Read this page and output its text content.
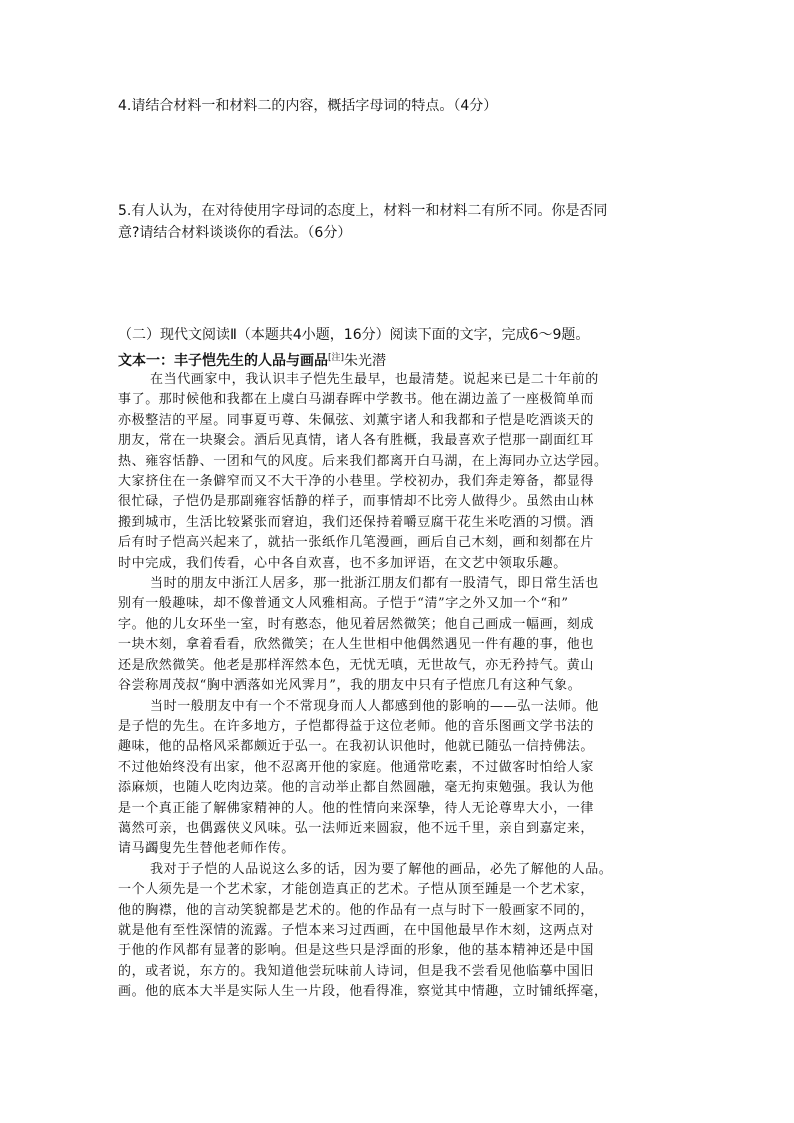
4.请结合材料一和材料二的内容，概括字母词的特点。（4分）
5.有人认为，在对待使用字母词的态度上，材料一和材料二有所不同。你是否同
意?请结合材料谈谈你的看法。（6分）
（二）现代文阅读Ⅱ（本题共4小题，16分）阅读下面的文字，完成6～9题。
文本一：丰子恺先生的人品与画品[注]朱光潜
在当代画家中，我认识丰子恺先生最早，也最清楚。说起来已是二十年前的
事了。那时候他和我都在上虞白马湖春晖中学教书。他在湖边盖了一座极简单而
亦极整洁的平屋。同事夏丏尊、朱佩弦、刘薰宇诸人和我都和子恺是吃酒谈天的
朋友，常在一块聚会。酒后见真情，诸人各有胜概，我最喜欢子恺那一副面红耳
热、雍容恬静、一团和气的风度。后来我们都离开白马湖，在上海同办立达学园。
大家挤住在一条僻窄而又不大干净的小巷里。学校初办，我们奔走筹备，都显得
很忙碌，子恺仍是那副雍容恬静的样子，而事情却不比旁人做得少。虽然由山林
搬到城市，生活比较紧张而窘迫，我们还保持着嚼豆腐干花生米吃酒的习惯。酒
后有时子恺高兴起来了，就拈一张纸作几笔漫画，画后自己木刻，画和刻都在片
时中完成，我们传看，心中各自欢喜，也不多加评语，在文艺中领取乐趣。
当时的朋友中浙江人居多，那一批浙江朋友们都有一股清气，即日常生活也
别有一般趣味，却不像普通文人风雅相高。子恺于“清”字之外又加一个“和”
字。他的儿女环坐一室，时有憨态，他见着居然微笑；他自己画成一幅画，刻成
一块木刻，拿着看看，欣然微笑；在人生世相中他偶然遇见一件有趣的事，他也
还是欣然微笑。他老是那样浑然本色，无忧无嗔，无世故气，亦无矜持气。黄山
谷尝称周茂叔“胸中洒落如光风霁月”，我的朋友中只有子恺庶几有这种气象。
当时一般朋友中有一个不常现身而人人都感到他的影响的——弘一法师。他
是子恺的先生。在许多地方，子恺都得益于这位老师。他的音乐图画文学书法的
趣味，他的品格风采都颇近于弘一。在我初认识他时，他就已随弘一信持佛法。
不过他始终没有出家，他不忍离开他的家庭。他通常吃素，不过做客时怕给人家
添麻烦，也随人吃肉边菜。他的言动举止都自然圆融，毫无拘束勉强。我认为他
是一个真正能了解佛家精神的人。他的性情向来深挚，待人无论尊卑大小，一律
蔼然可亲，也偶露侠义风味。弘一法师近来圆寂，他不远千里，亲自到嘉定来，
请马蠲叟先生替他老师作传。
我对于子恺的人品说这么多的话，因为要了解他的画品，必先了解他的人品。
一个人须先是一个艺术家，才能创造真正的艺术。子恺从顶至踵是一个艺术家，
他的胸襟，他的言动笑貌都是艺术的。他的作品有一点与时下一般画家不同的，
就是他有至性深情的流露。子恺本来习过西画，在中国他最早作木刻，这两点对
于他的作风都有显著的影响。但是这些只是浮面的形象，他的基本精神还是中国
的，或者说，东方的。我知道他尝玩味前人诗词，但是我不尝看见他临摹中国旧
画。他的底本大半是实际人生一片段，他看得准，察觉其中情趣，立时铺纸挥毫，
